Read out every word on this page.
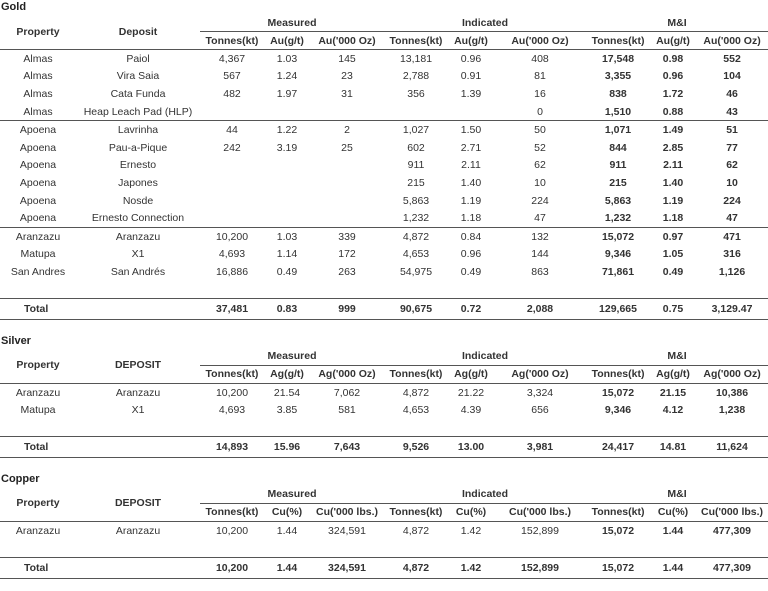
Gold
Property	Deposit	Measured			Indicated			M&I		
		Tonnes(kt)	Au(g/t)	Au('000 Oz)	Tonnes(kt)	Au(g/t)	Au('000 Oz)	Tonnes(kt)	Au(g/t)	Au('000 Oz)
Almas	Paiol	4,367	1.03	145	13,181	0.96	408	17,548	0.98	552
Almas	Vira Saia	567	1.24	23	2,788	0.91	81	3,355	0.96	104
Almas	Cata Funda	482	1.97	31	356	1.39	16	838	1.72	46
Almas	Heap Leach Pad (HLP)						0	1,510	0.88	43
Apoena	Lavrinha	44	1.22	2	1,027	1.50	50	1,071	1.49	51
Apoena	Pau-a-Pique	242	3.19	25	602	2.71	52	844	2.85	77
Apoena	Ernesto				911	2.11	62	911	2.11	62
Apoena	Japones				215	1.40	10	215	1.40	10
Apoena	Nosde				5,863	1.19	224	5,863	1.19	224
Apoena	Ernesto Connection				1,232	1.18	47	1,232	1.18	47
Aranzazu	Aranzazu	10,200	1.03	339	4,872	0.84	132	15,072	0.97	471
Matupa	X1	4,693	1.14	172	4,653	0.96	144	9,346	1.05	316
San Andres	San Andrés	16,886	0.49	263	54,975	0.49	863	71,861	0.49	1,126

Total		37,481	0.83	999	90,675	0.72	2,088	129,665	0.75	3,129.47
Silver
Property	DEPOSIT	Measured			Indicated			M&I		
		Tonnes(kt)	Ag(g/t)	Ag('000 Oz)	Tonnes(kt)	Ag(g/t)	Ag('000 Oz)	Tonnes(kt)	Ag(g/t)	Ag('000 Oz)
Aranzazu	Aranzazu	10,200	21.54	7,062	4,872	21.22	3,324	15,072	21.15	10,386
Matupa	X1	4,693	3.85	581	4,653	4.39	656	9,346	4.12	1,238

Total		14,893	15.96	7,643	9,526	13.00	3,981	24,417	14.81	11,624
Copper
Property	DEPOSIT	Measured			Indicated			M&I		
		Tonnes(kt)	Cu(%)	Cu('000 lbs.)	Tonnes(kt)	Cu(%)	Cu('000 lbs.)	Tonnes(kt)	Cu(%)	Cu('000 lbs.)
Aranzazu	Aranzazu	10,200	1.44	324,591	4,872	1.42	152,899	15,072	1.44	477,309

Total		10,200	1.44	324,591	4,872	1.42	152,899	15,072	1.44	477,309
